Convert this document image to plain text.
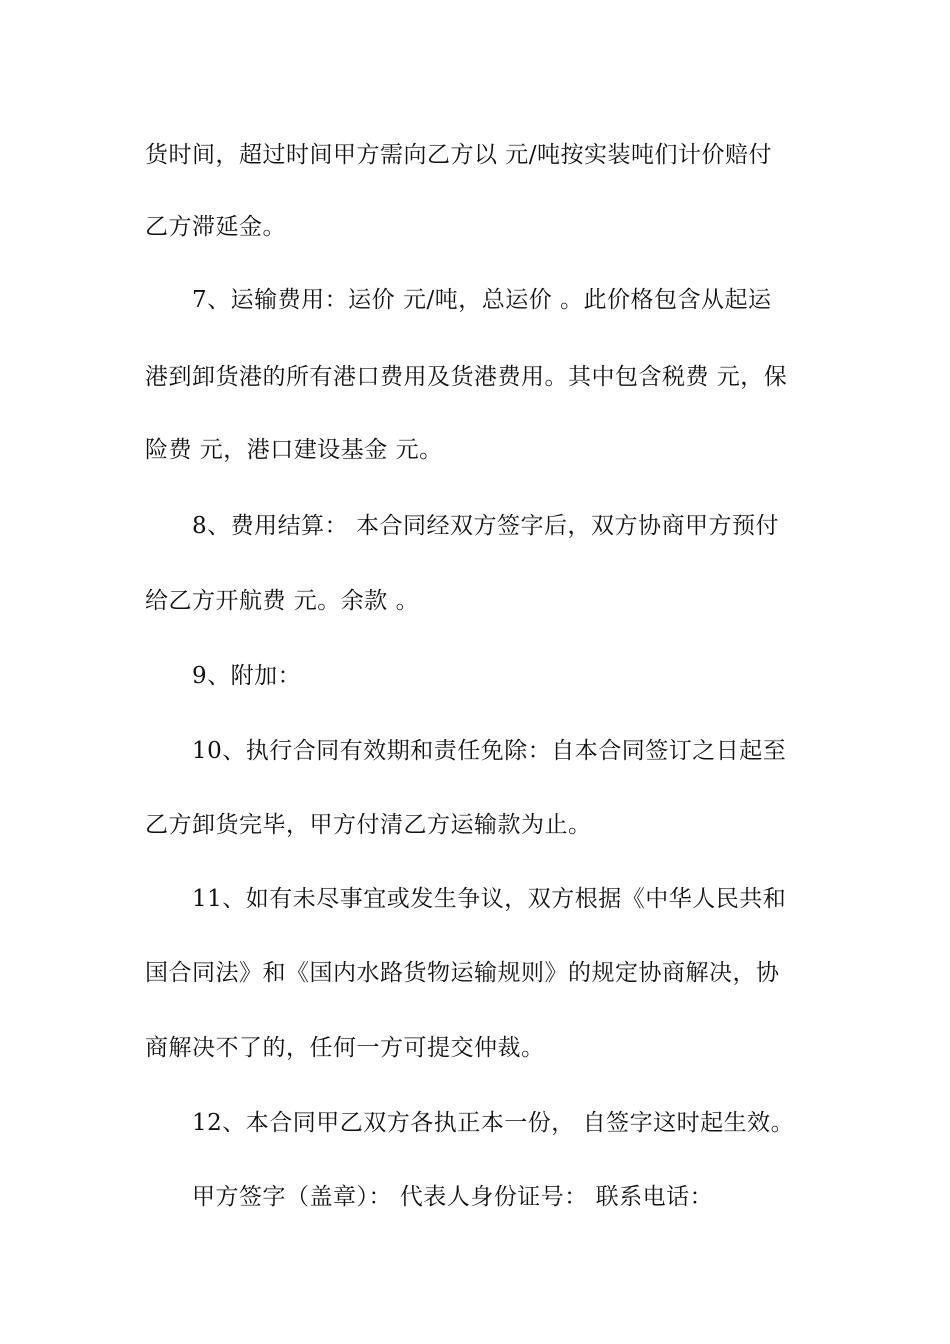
货时间，超过时间甲方需向乙方以 元/吨按实装吨们计价赔付
乙方滞延金。
7、运输费用：运价 元/吨，总运价 。此价格包含从起运
港到卸货港的所有港口费用及货港费用。其中包含税费 元，保
险费 元，港口建设基金 元。
8、费用结算： 本合同经双方签字后，双方协商甲方预付
给乙方开航费 元。余款 。
9、附加：
10、执行合同有效期和责任免除：自本合同签订之日起至
乙方卸货完毕，甲方付清乙方运输款为止。
11、如有未尽事宜或发生争议，双方根据《中华人民共和
国合同法》和《国内水路货物运输规则》的规定协商解决，协
商解决不了的，任何一方可提交仲裁。
12、本合同甲乙双方各执正本一份， 自签字这时起生效。
甲方签字（盖章）： 代表人身份证号： 联系电话：
